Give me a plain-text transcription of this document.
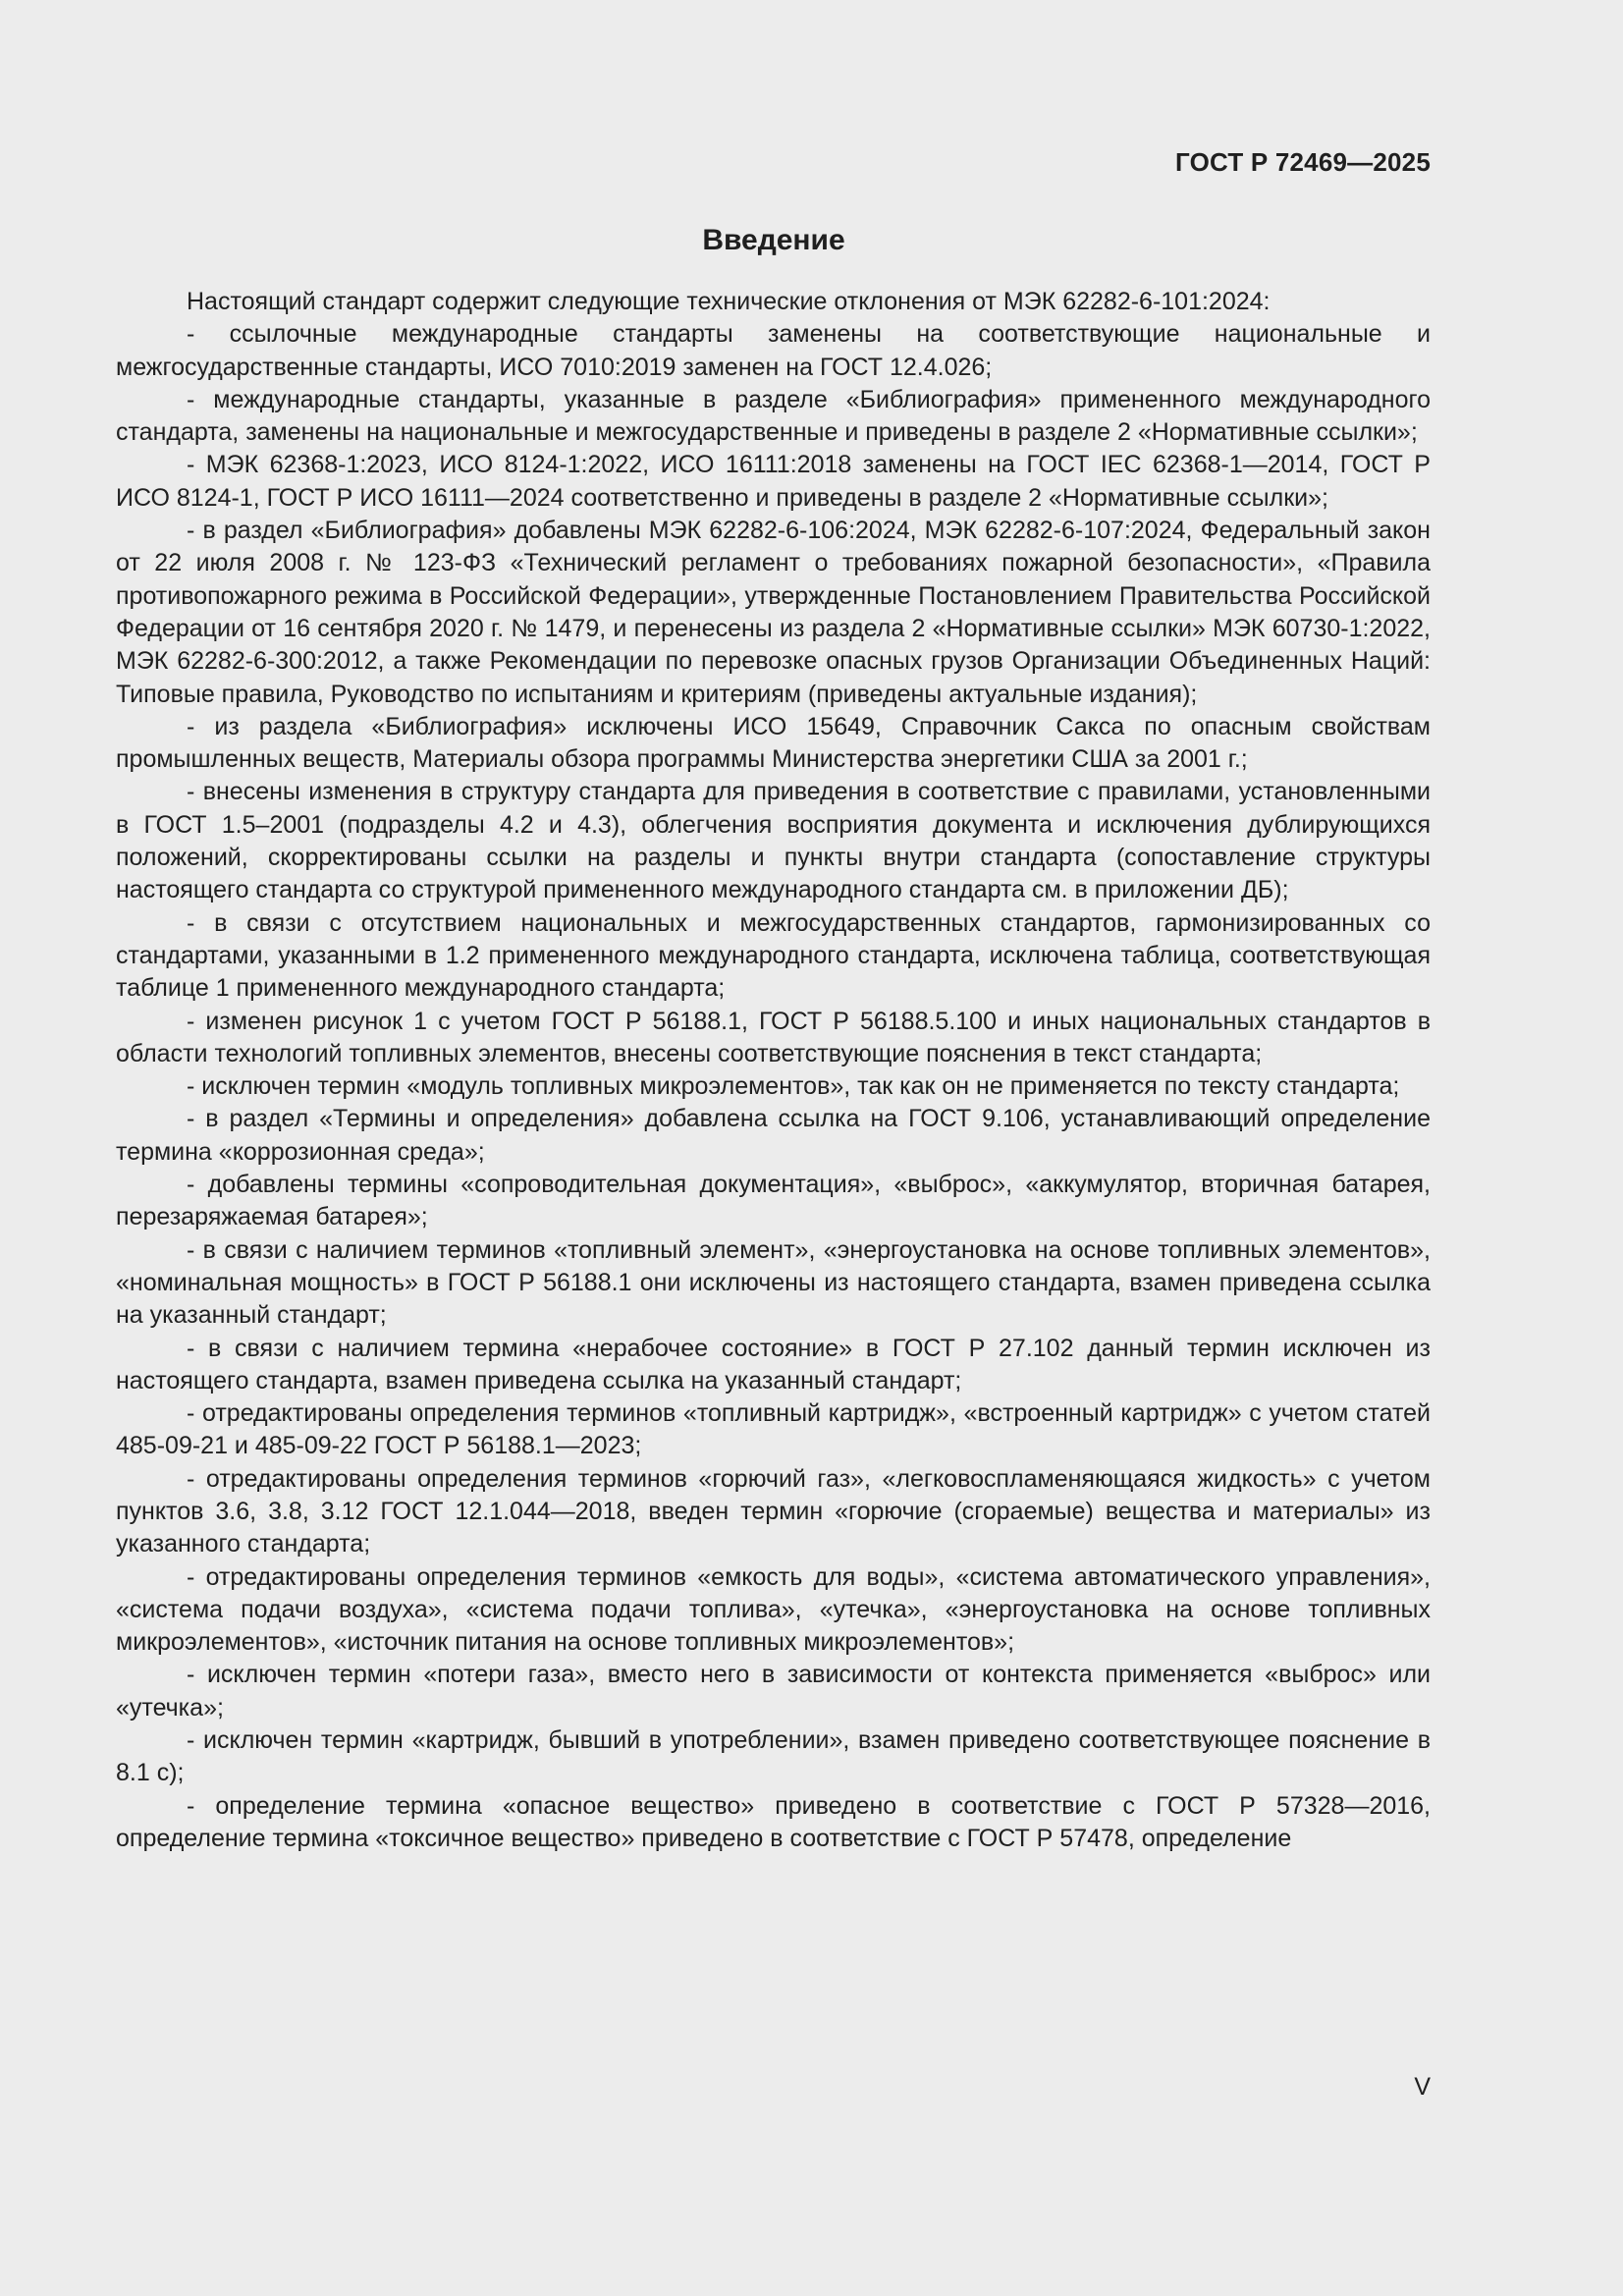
ГОСТ Р 72469—2025
Введение

Настоящий стандарт содержит следующие технические отклонения от МЭК 62282-6-101:2024:

- ссылочные международные стандарты заменены на соответствующие национальные и межгосударственные стандарты, ИСО 7010:2019 заменен на ГОСТ 12.4.026;

- международные стандарты, указанные в разделе «Библиография» примененного международного стандарта, заменены на национальные и межгосударственные и приведены в разделе 2 «Нормативные ссылки»;

- МЭК 62368-1:2023, ИСО 8124-1:2022, ИСО 16111:2018 заменены на ГОСТ IEC 62368-1—2014, ГОСТ Р ИСО 8124-1, ГОСТ Р ИСО 16111—2024 соответственно и приведены в разделе 2 «Нормативные ссылки»;

- в раздел «Библиография» добавлены МЭК 62282-6-106:2024, МЭК 62282-6-107:2024, Федеральный закон от 22 июля 2008 г. № 123-ФЗ «Технический регламент о требованиях пожарной безопасности», «Правила противопожарного режима в Российской Федерации», утвержденные Постановлением Правительства Российской Федерации от 16 сентября 2020 г. № 1479, и перенесены из раздела 2 «Нормативные ссылки» МЭК 60730-1:2022, МЭК 62282-6-300:2012, а также Рекомендации по перевозке опасных грузов Организации Объединенных Наций: Типовые правила, Руководство по испытаниям и критериям (приведены актуальные издания);

- из раздела «Библиография» исключены ИСО 15649, Справочник Сакса по опасным свойствам промышленных веществ, Материалы обзора программы Министерства энергетики США за 2001 г.;

- внесены изменения в структуру стандарта для приведения в соответствие с правилами, установленными в ГОСТ 1.5–2001 (подразделы 4.2 и 4.3), облегчения восприятия документа и исключения дублирующихся положений, скорректированы ссылки на разделы и пункты внутри стандарта (сопоставление структуры настоящего стандарта со структурой примененного международного стандарта см. в приложении ДБ);

- в связи с отсутствием национальных и межгосударственных стандартов, гармонизированных со стандартами, указанными в 1.2 примененного международного стандарта, исключена таблица, соответствующая таблице 1 примененного международного стандарта;

- изменен рисунок 1 с учетом ГОСТ Р 56188.1, ГОСТ Р 56188.5.100 и иных национальных стандартов в области технологий топливных элементов, внесены соответствующие пояснения в текст стандарта;

- исключен термин «модуль топливных микроэлементов», так как он не применяется по тексту стандарта;

- в раздел «Термины и определения» добавлена ссылка на ГОСТ 9.106, устанавливающий определение термина «коррозионная среда»;

- добавлены термины «сопроводительная документация», «выброс», «аккумулятор, вторичная батарея, перезаряжаемая батарея»;

- в связи с наличием терминов «топливный элемент», «энергоустановка на основе топливных элементов», «номинальная мощность» в ГОСТ Р 56188.1 они исключены из настоящего стандарта, взамен приведена ссылка на указанный стандарт;

- в связи с наличием термина «нерабочее состояние» в ГОСТ Р 27.102 данный термин исключен из настоящего стандарта, взамен приведена ссылка на указанный стандарт;

- отредактированы определения терминов «топливный картридж», «встроенный картридж» с учетом статей 485-09-21 и 485-09-22 ГОСТ Р 56188.1—2023;

- отредактированы определения терминов «горючий газ», «легковоспламеняющаяся жидкость» с учетом пунктов 3.6, 3.8, 3.12 ГОСТ 12.1.044—2018, введен термин «горючие (сгораемые) вещества и материалы» из указанного стандарта;

- отредактированы определения терминов «емкость для воды», «система автоматического управления», «система подачи воздуха», «система подачи топлива», «утечка», «энергоустановка на основе топливных микроэлементов», «источник питания на основе топливных микроэлементов»;

- исключен термин «потери газа», вместо него в зависимости от контекста применяется «выброс» или «утечка»;

- исключен термин «картридж, бывший в употреблении», взамен приведено соответствующее пояснение в 8.1 с);

- определение термина «опасное вещество» приведено в соответствие с ГОСТ Р 57328—2016, определение термина «токсичное вещество» приведено в соответствие с ГОСТ Р 57478, определение

V
